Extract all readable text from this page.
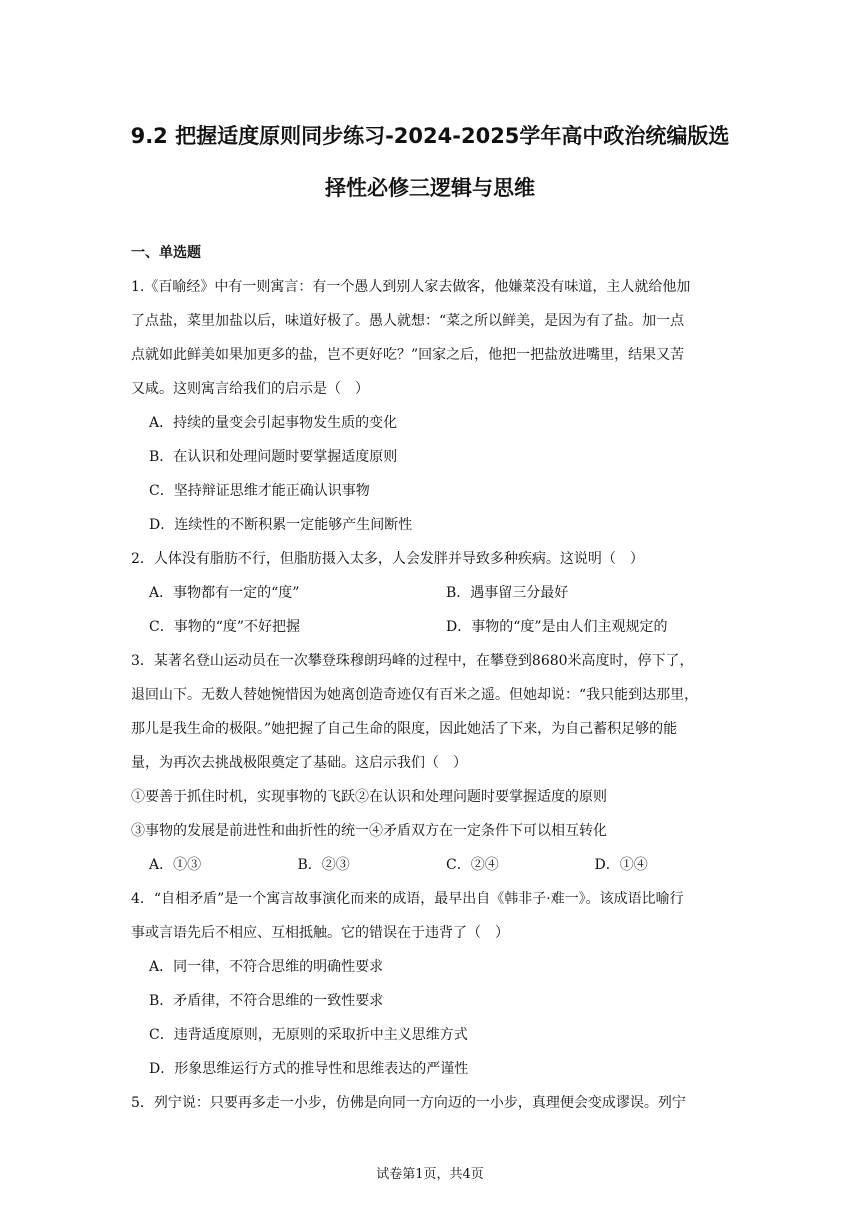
9.2 把握适度原则同步练习-2024-2025学年高中政治统编版选
择性必修三逻辑与思维
一、单选题
1.《百喻经》中有一则寓言：有一个愚人到别人家去做客，他嫌菜没有味道，主人就给他加
了点盐，菜里加盐以后，味道好极了。愚人就想：“菜之所以鲜美，是因为有了盐。加一点
点就如此鲜美如果加更多的盐，岂不更好吃？”回家之后，他把一把盐放进嘴里，结果又苦
又咸。这则寓言给我们的启示是（　）
A．持续的量变会引起事物发生质的变化
B．在认识和处理问题时要掌握适度原则
C．坚持辩证思维才能正确认识事物
D．连续性的不断积累一定能够产生间断性
2．人体没有脂肪不行，但脂肪摄入太多，人会发胖并导致多种疾病。这说明（　）
A．事物都有一定的“度”	B．遇事留三分最好
C．事物的“度”不好把握	D．事物的“度”是由人们主观规定的
3．某著名登山运动员在一次攀登珠穆朗玛峰的过程中，在攀登到8680米高度时，停下了，
退回山下。无数人替她惋惜因为她离创造奇迹仅有百米之遥。但她却说：“我只能到达那里，
那儿是我生命的极限。”她把握了自己生命的限度，因此她活了下来，为自己蓄积足够的能
量，为再次去挑战极限奠定了基础。这启示我们（　）
①要善于抓住时机，实现事物的飞跃②在认识和处理问题时要掌握适度的原则
③事物的发展是前进性和曲折性的统一④矛盾双方在一定条件下可以相互转化
A．①③	B．②③	C．②④	D．①④
4．“自相矛盾”是一个寓言故事演化而来的成语，最早出自《韩非子·难一》。该成语比喻行
事或言语先后不相应、互相抵触。它的错误在于违背了（　）
A．同一律，不符合思维的明确性要求
B．矛盾律，不符合思维的一致性要求
C．违背适度原则，无原则的采取折中主义思维方式
D．形象思维运行方式的推导性和思维表达的严谨性
5．列宁说：只要再多走一小步，仿佛是向同一方向迈的一小步，真理便会变成谬误。列宁
试卷第1页，共4页
